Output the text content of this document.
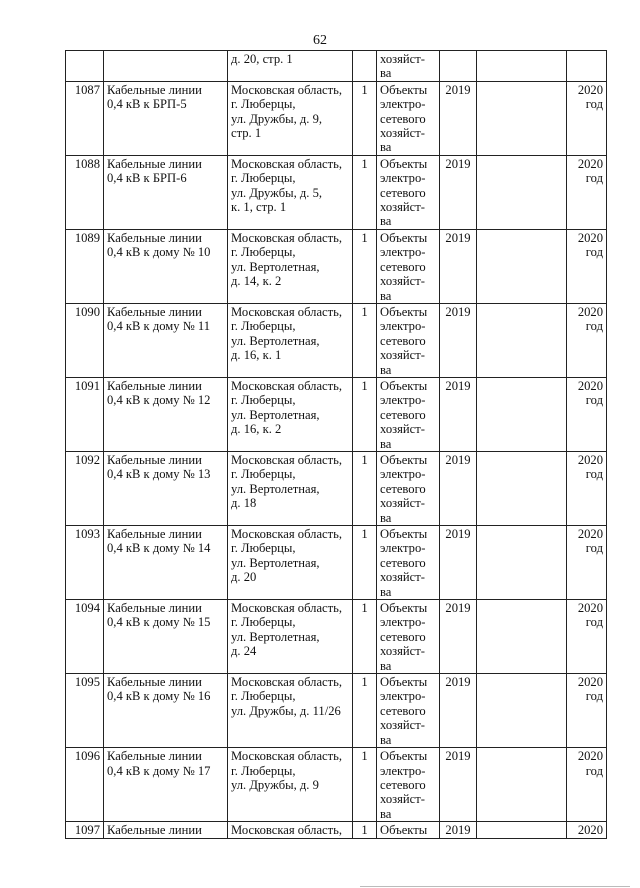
62

		д. 20, стр. 1		хозяйст-
ва			

1087	Кабельные линии
0,4 кВ к БРП-5	Московская область,
г. Люберцы,
ул. Дружбы, д. 9,
стр. 1	1	Объекты
электро-
сетевого
хозяйст-
ва	2019		2020
год

1088	Кабельные линии
0,4 кВ к БРП-6	Московская область,
г. Люберцы,
ул. Дружбы, д. 5,
к. 1, стр. 1	1	Объекты
электро-
сетевого
хозяйст-
ва	2019		2020
год

1089	Кабельные линии
0,4 кВ к дому № 10	Московская область,
г. Люберцы,
ул. Вертолетная,
д. 14, к. 2	1	Объекты
электро-
сетевого
хозяйст-
ва	2019		2020
год

1090	Кабельные линии
0,4 кВ к дому № 11	Московская область,
г. Люберцы,
ул. Вертолетная,
д. 16, к. 1	1	Объекты
электро-
сетевого
хозяйст-
ва	2019		2020
год

1091	Кабельные линии
0,4 кВ к дому № 12	Московская область,
г. Люберцы,
ул. Вертолетная,
д. 16, к. 2	1	Объекты
электро-
сетевого
хозяйст-
ва	2019		2020
год

1092	Кабельные линии
0,4 кВ к дому № 13	Московская область,
г. Люберцы,
ул. Вертолетная,
д. 18	1	Объекты
электро-
сетевого
хозяйст-
ва	2019		2020
год

1093	Кабельные линии
0,4 кВ к дому № 14	Московская область,
г. Люберцы,
ул. Вертолетная,
д. 20	1	Объекты
электро-
сетевого
хозяйст-
ва	2019		2020
год

1094	Кабельные линии
0,4 кВ к дому № 15	Московская область,
г. Люберцы,
ул. Вертолетная,
д. 24	1	Объекты
электро-
сетевого
хозяйст-
ва	2019		2020
год

1095	Кабельные линии
0,4 кВ к дому № 16	Московская область,
г. Люберцы,
ул. Дружбы, д. 11/26	1	Объекты
электро-
сетевого
хозяйст-
ва	2019		2020
год

1096	Кабельные линии
0,4 кВ к дому № 17	Московская область,
г. Люберцы,
ул. Дружбы, д. 9	1	Объекты
электро-
сетевого
хозяйст-
ва	2019		2020
год

1097	Кабельные линии	Московская область,	1	Объекты	2019		2020
